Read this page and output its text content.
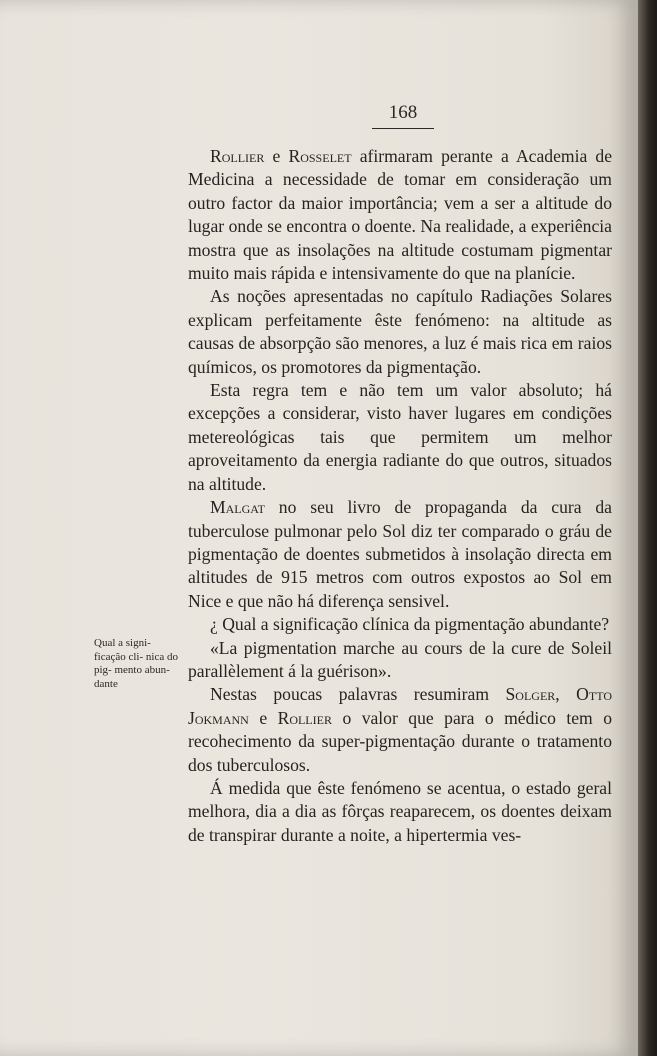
168
Qual a signi- ficação cli- nica do pig- mento abun- dante

Rollier e Rosselet afirmaram perante a Academia de Medicina a necessidade de tomar em consideração um outro factor da maior importância; vem a ser a altitude do lugar onde se encontra o doente. Na realidade, a experiência mostra que as insolações na altitude costumam pigmentar muito mais rápida e intensivamente do que na planície.

As noções apresentadas no capítulo Radiações Solares explicam perfeitamente êste fenómeno: na altitude as causas de absorpção são menores, a luz é mais rica em raios químicos, os promotores da pigmentação.

Esta regra tem e não tem um valor absoluto; há excepções a considerar, visto haver lugares em condições metereológicas tais que permitem um melhor aproveitamento da energia radiante do que outros, situados na altitude.

Malgat no seu livro de propaganda da cura da tuberculose pulmonar pelo Sol diz ter comparado o gráu de pigmentação de doentes submetidos à insolação directa em altitudes de 915 metros com outros expostos ao Sol em Nice e que não há diferença sensivel.

¿ Qual a significação clínica da pigmentação abundante?

«La pigmentation marche au cours de la cure de Soleil parallèlement á la guérison».

Nestas poucas palavras resumiram Solger, Otto Jokmann e Rollier o valor que para o médico tem o recohecimento da super-pigmentação durante o tratamento dos tuberculosos.

Á medida que êste fenómeno se acentua, o estado geral melhora, dia a dia as fôrças reaparecem, os doentes deixam de transpirar durante a noite, a hipertermia ves-
